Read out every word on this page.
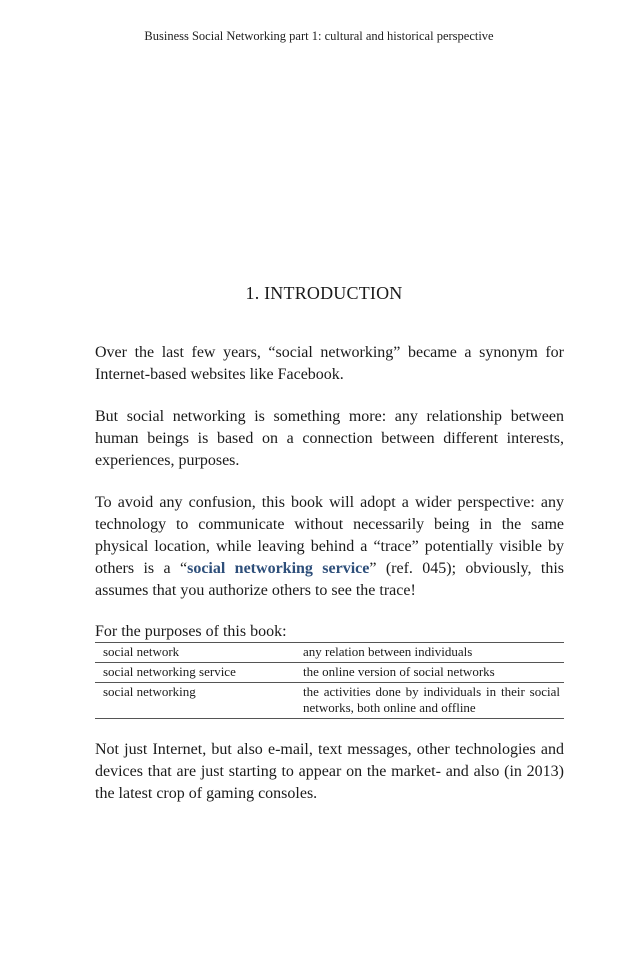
Business Social Networking part 1: cultural and historical perspective
1. INTRODUCTION

Over the last few years, “social networking” became a synonym for Internet-based websites like Facebook.

But social networking is something more: any relationship between human beings is based on a connection between different interests, experiences, purposes.

To avoid any confusion, this book will adopt a wider perspective: any technology to communicate without necessarily being in the same physical location, while leaving behind a “trace” potentially visible by others is a “social networking service” (ref. 045); obviously, this assumes that you authorize others to see the trace!

For the purposes of this book:
social network	any relation between individuals
social networking service	the online version of social networks
social networking	the activities done by individuals in their social networks, both online and offline

Not just Internet, but also e-mail, text messages, other technologies and devices that are just starting to appear on the market- and also (in 2013) the latest crop of gaming consoles.
